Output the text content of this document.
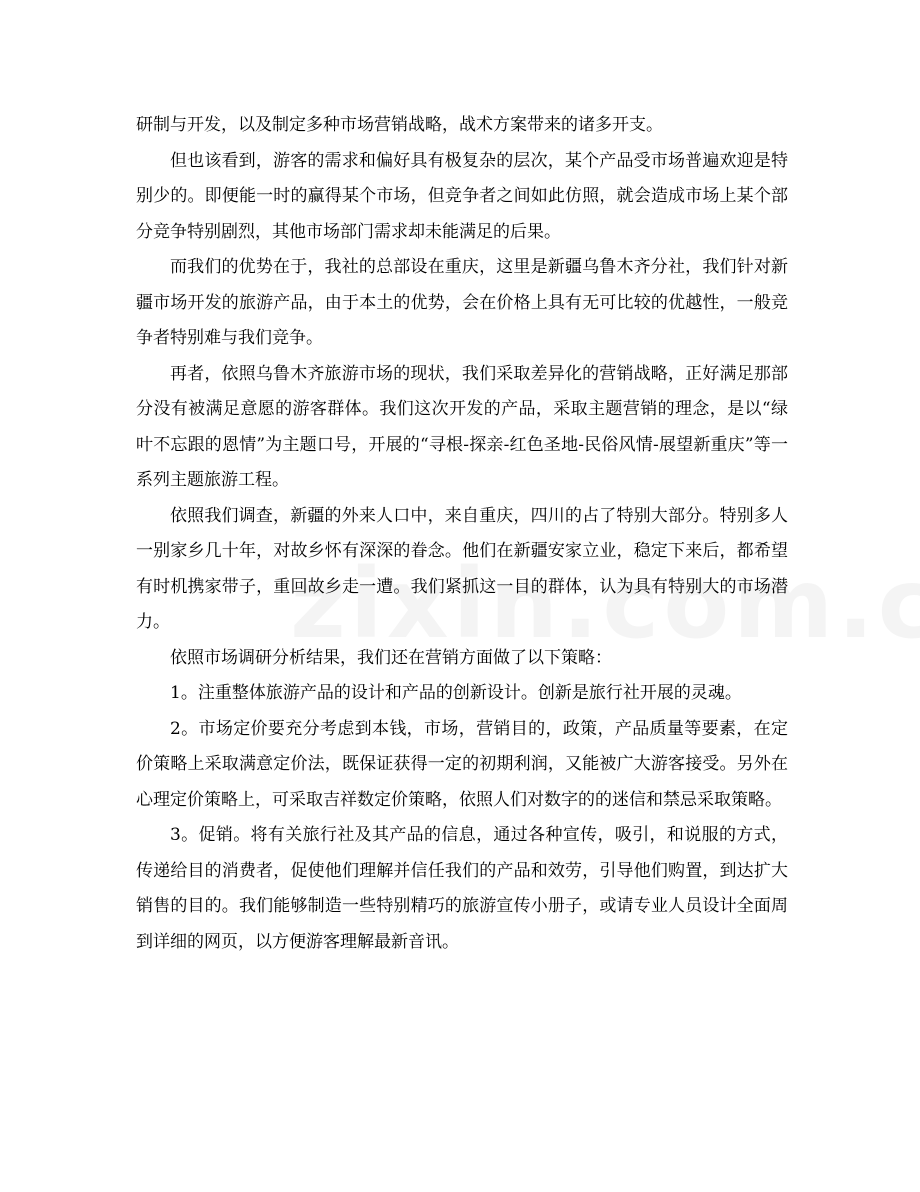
研制与开发，以及制定多种市场营销战略，战术方案带来的诸多开支。

但也该看到，游客的需求和偏好具有极复杂的层次，某个产品受市场普遍欢迎是特别少的。即便能一时的赢得某个市场，但竞争者之间如此仿照，就会造成市场上某个部分竞争特别剧烈，其他市场部门需求却未能满足的后果。

而我们的优势在于，我社的总部设在重庆，这里是新疆乌鲁木齐分社，我们针对新疆市场开发的旅游产品，由于本土的优势，会在价格上具有无可比较的优越性，一般竞争者特别难与我们竞争。

再者，依照乌鲁木齐旅游市场的现状，我们采取差异化的营销战略，正好满足那部分没有被满足意愿的游客群体。我们这次开发的产品，采取主题营销的理念，是以“绿叶不忘跟的恩情”为主题口号，开展的“寻根-探亲-红色圣地-民俗风情-展望新重庆”等一系列主题旅游工程。

依照我们调查，新疆的外来人口中，来自重庆，四川的占了特别大部分。特别多人一别家乡几十年，对故乡怀有深深的眷念。他们在新疆安家立业，稳定下来后，都希望有时机携家带子，重回故乡走一遭。我们紧抓这一目的群体，认为具有特别大的市场潜力。

依照市场调研分析结果，我们还在营销方面做了以下策略：

1。注重整体旅游产品的设计和产品的创新设计。创新是旅行社开展的灵魂。

2。市场定价要充分考虑到本钱，市场，营销目的，政策，产品质量等要素，在定价策略上采取满意定价法，既保证获得一定的初期利润，又能被广大游客接受。另外在心理定价策略上，可采取吉祥数定价策略，依照人们对数字的的迷信和禁忌采取策略。

3。促销。将有关旅行社及其产品的信息，通过各种宣传，吸引，和说服的方式，传递给目的消费者，促使他们理解并信任我们的产品和效劳，引导他们购置，到达扩大销售的目的。我们能够制造一些特别精巧的旅游宣传小册子，或请专业人员设计全面周到详细的网页，以方便游客理解最新音讯。
